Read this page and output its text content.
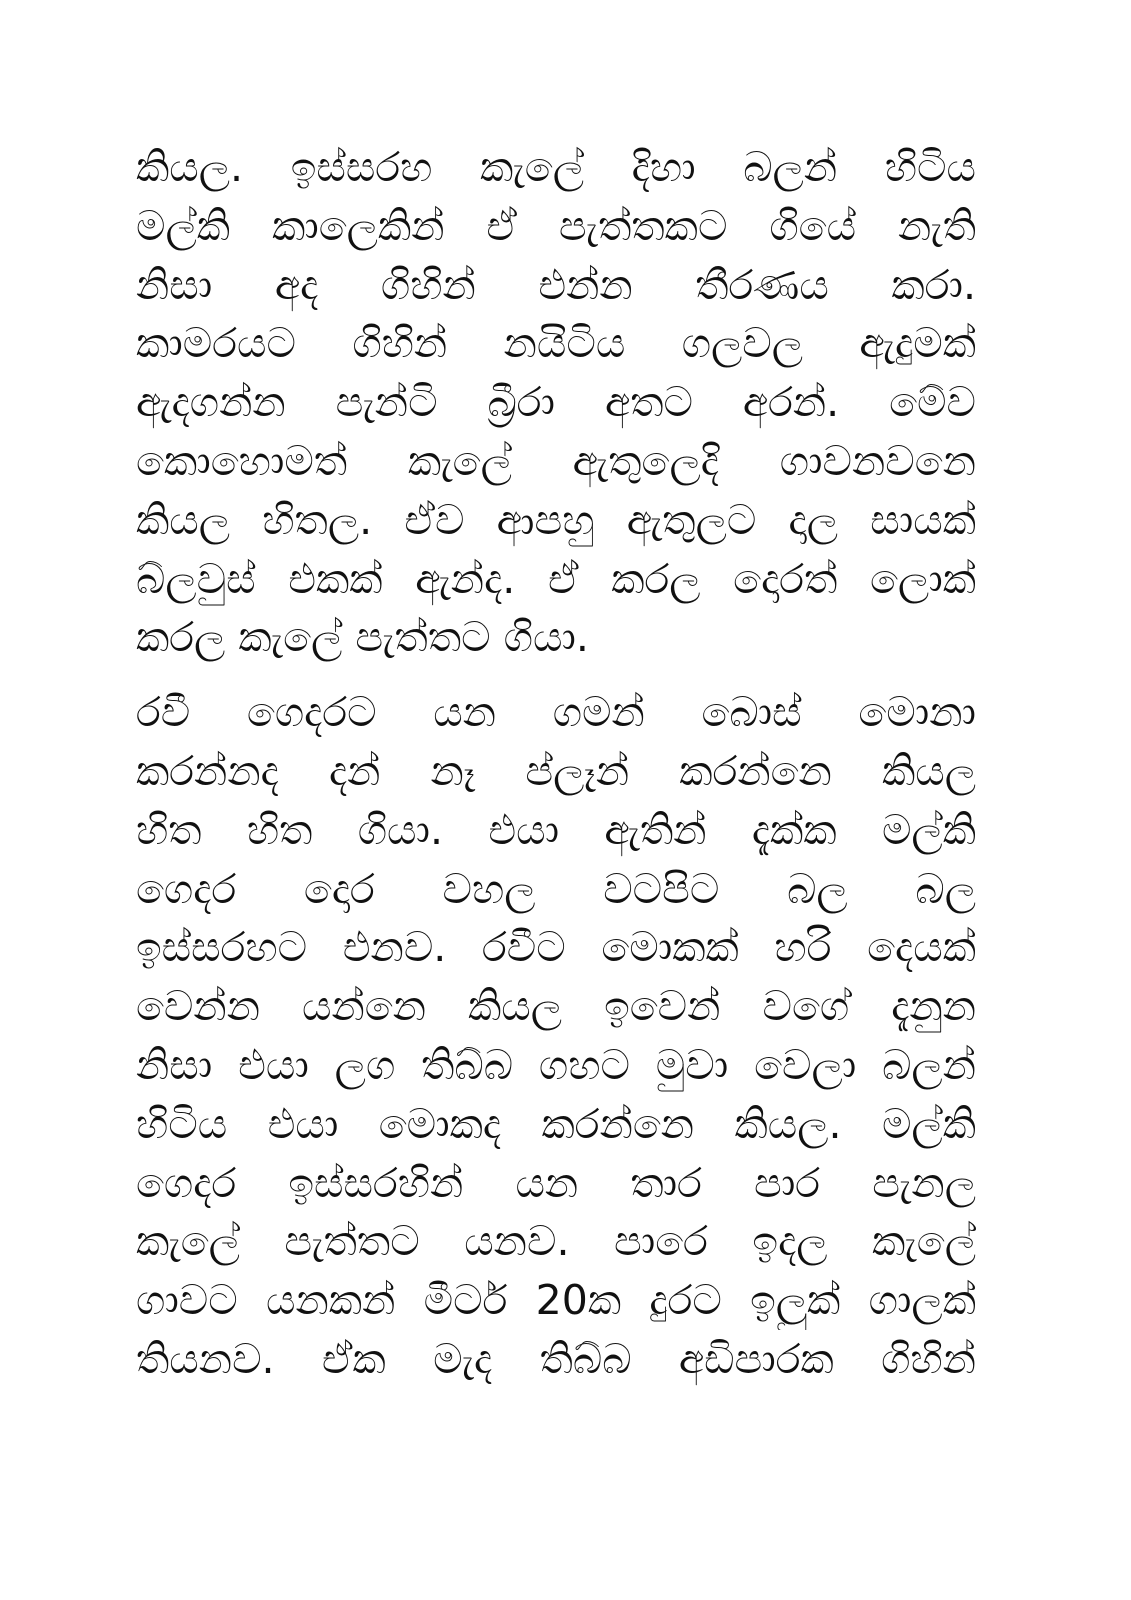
කියල. ඉස්සරහ කැලේ දිහා බලන් හිටිය
මල්කි කාලෙකින් ඒ පැත්තකට ගියේ නැති
නිසා අද ගිහින් එන්න තීරණය කරා.
කාමරයට ගිහින් නයිටිය ගලවල ඇදුමක්
ඇදගන්න පැන්ටි බ්‍රීරා අතට අරන්. මේව
කොහොමත් කැලේ ඇතුලෙදි ගාවනවනෙ
කියල හිතල. ඒව ආපහු ඇතුලට දාල සායක්
බ්ලවුස් එකක් ඇන්ද. ඒ කරල දොරත් ලොක්
කරල කැලේ පැත්තට ගියා.

රවී ගෙදරට යන ගමන් බොස් මොනා
කරන්නද දන් නෑ ප්ලෑන් කරන්නෙ කියල
හිත හිත ගියා. එයා ඇතින් දැක්ක මල්කි
ගෙදර දොර වහල වටපිට බල බල
ඉස්සරහට එනව. රවීට මොකක් හරි දෙයක්
වෙන්න යන්නෙ කියල ඉවෙන් වගේ දැනුන
නිසා එයා ලග තිබ්බ ගහට මුවා වෙලා බලන්
හිටිය එයා මොකද කරන්නෙ කියල. මල්කි
ගෙදර ඉස්සරහින් යන තාර පාර පැනල
කැලේ පැත්තට යනව. පාරෙ ඉදල කැලේ
ගාවට යනකන් මීටර් 20ක දුරට ඉලුක් ගාලක්
තියනව. ඒක මැද තිබ්බ අඩිපාරක ගිහින්
